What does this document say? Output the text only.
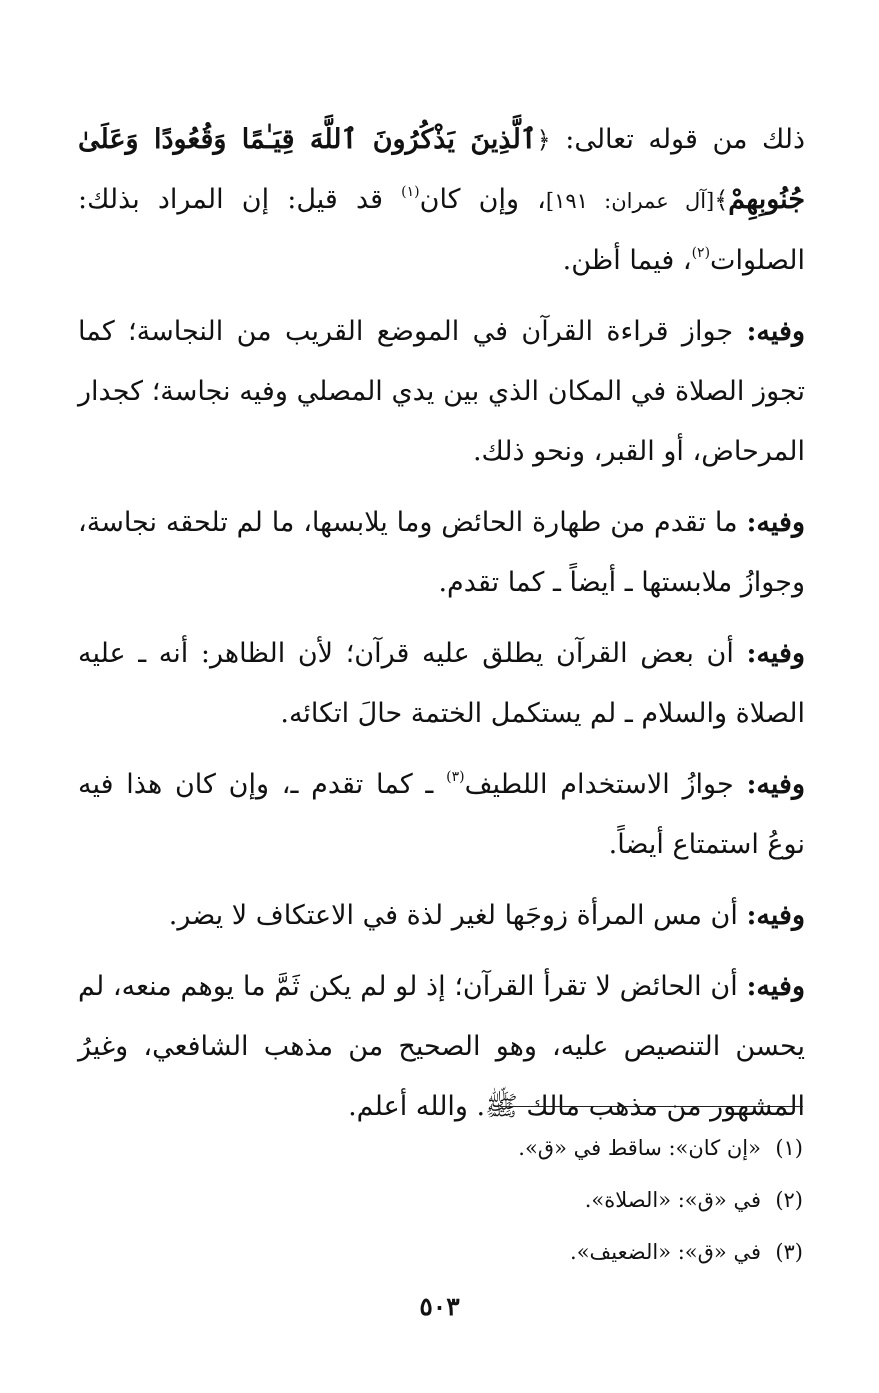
ذلك من قوله تعالى: ﴿ٱلَّذِينَ يَذْكُرُونَ ٱللَّهَ قِيَـٰمًا وَقُعُودًا وَعَلَىٰ جُنُوبِهِمْ﴾[آل عمران: ١٩١]، وإن كان$^{(١)}$ قد قيل: إن المراد بذلك: الصلوات$^{(٢)}$، فيما أظن.

وفيه: جواز قراءة القرآن في الموضع القريب من النجاسة؛ كما تجوز الصلاة في المكان الذي بين يدي المصلي وفيه نجاسة؛ كجدار المرحاض، أو القبر، ونحو ذلك.

وفيه: ما تقدم من طهارة الحائض وما يلابسها، ما لم تلحقه نجاسة، وجوازُ ملابستها ـ أيضاً ـ كما تقدم.

وفيه: أن بعض القرآن يطلق عليه قرآن؛ لأن الظاهر: أنه ـ عليه الصلاة والسلام ـ لم يستكمل الختمة حالَ اتكائه.

وفيه: جوازُ الاستخدام اللطيف$^{(٣)}$ ـ كما تقدم ـ، وإن كان هذا فيه نوعُ استمتاع أيضاً.

وفيه: أن مس المرأة زوجَها لغير لذة في الاعتكاف لا يضر.

وفيه: أن الحائض لا تقرأ القرآن؛ إذ لو لم يكن ثَمَّ ما يوهم منعه، لم يحسن التنصيص عليه، وهو الصحيح من مذهب الشافعي، وغيرُ المشهور من مذهب مالك ﷺ. والله أعلم.

(١)«إن كان»: ساقط في «ق».
(٢)في «ق»: «الصلاة».
(٣)في «ق»: «الضعيف».
٥٠٣
